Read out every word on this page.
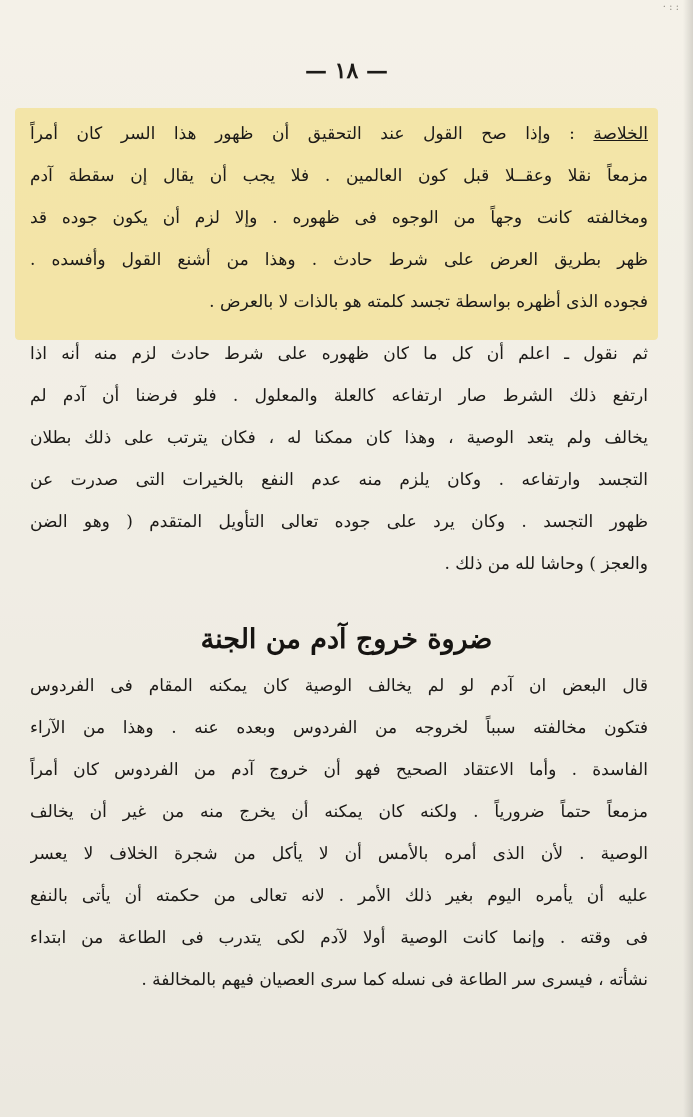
· : :
— ١٨ —
الخلاصة : وإذا صح القول عند التحقيق أن ظهور هذا السر كان أمراً
مزمعاً نقلا وعقــلا قبل كون العالمين . فلا يجب أن يقال إن سقطة آدم
ومخالفته كانت وجهاً من الوجوه فى ظهوره . وإلا لزم أن يكون جوده قد
ظهر بطريق العرض على شرط حادث . وهذا من أشنع القول وأفسده .
فجوده الذى أظهره بواسطة تجسد كلمته هو بالذات لا بالعرض .
ثم نقول ـ اعلم أن كل ما كان ظهوره على شرط حادث لزم منه أنه اذا
ارتفع ذلك الشرط صار ارتفاعه كالعلة والمعلول . فلو فرضنا أن آدم لم
يخالف ولم يتعد الوصية ، وهذا كان ممكنا له ، فكان يترتب على ذلك بطلان
التجسد وارتفاعه . وكان يلزم منه عدم النفع بالخيرات التى صدرت عن
ظهور التجسد . وكان يرد على جوده تعالى التأويل المتقدم ( وهو الضن
والعجز ) وحاشا لله من ذلك .
ضروة خروج آدم من الجنة
قال البعض ان آدم لو لم يخالف الوصية كان يمكنه المقام فى الفردوس
فتكون مخالفته سبباً لخروجه من الفردوس وبعده عنه . وهذا من الآراء
الفاسدة . وأما الاعتقاد الصحيح فهو أن خروج آدم من الفردوس كان أمراً
مزمعاً حتماً ضرورياً . ولكنه كان يمكنه أن يخرج منه من غير أن يخالف
الوصية . لأن الذى أمره بالأمس أن لا يأكل من شجرة الخلاف لا يعسر
عليه أن يأمره اليوم بغير ذلك الأمر . لانه تعالى من حكمته أن يأتى بالنفع
فى وقته . وإنما كانت الوصية أولا لآدم لكى يتدرب فى الطاعة من ابتداء
نشأته ، فيسرى سر الطاعة فى نسله كما سرى العصيان فيهم بالمخالفة .
